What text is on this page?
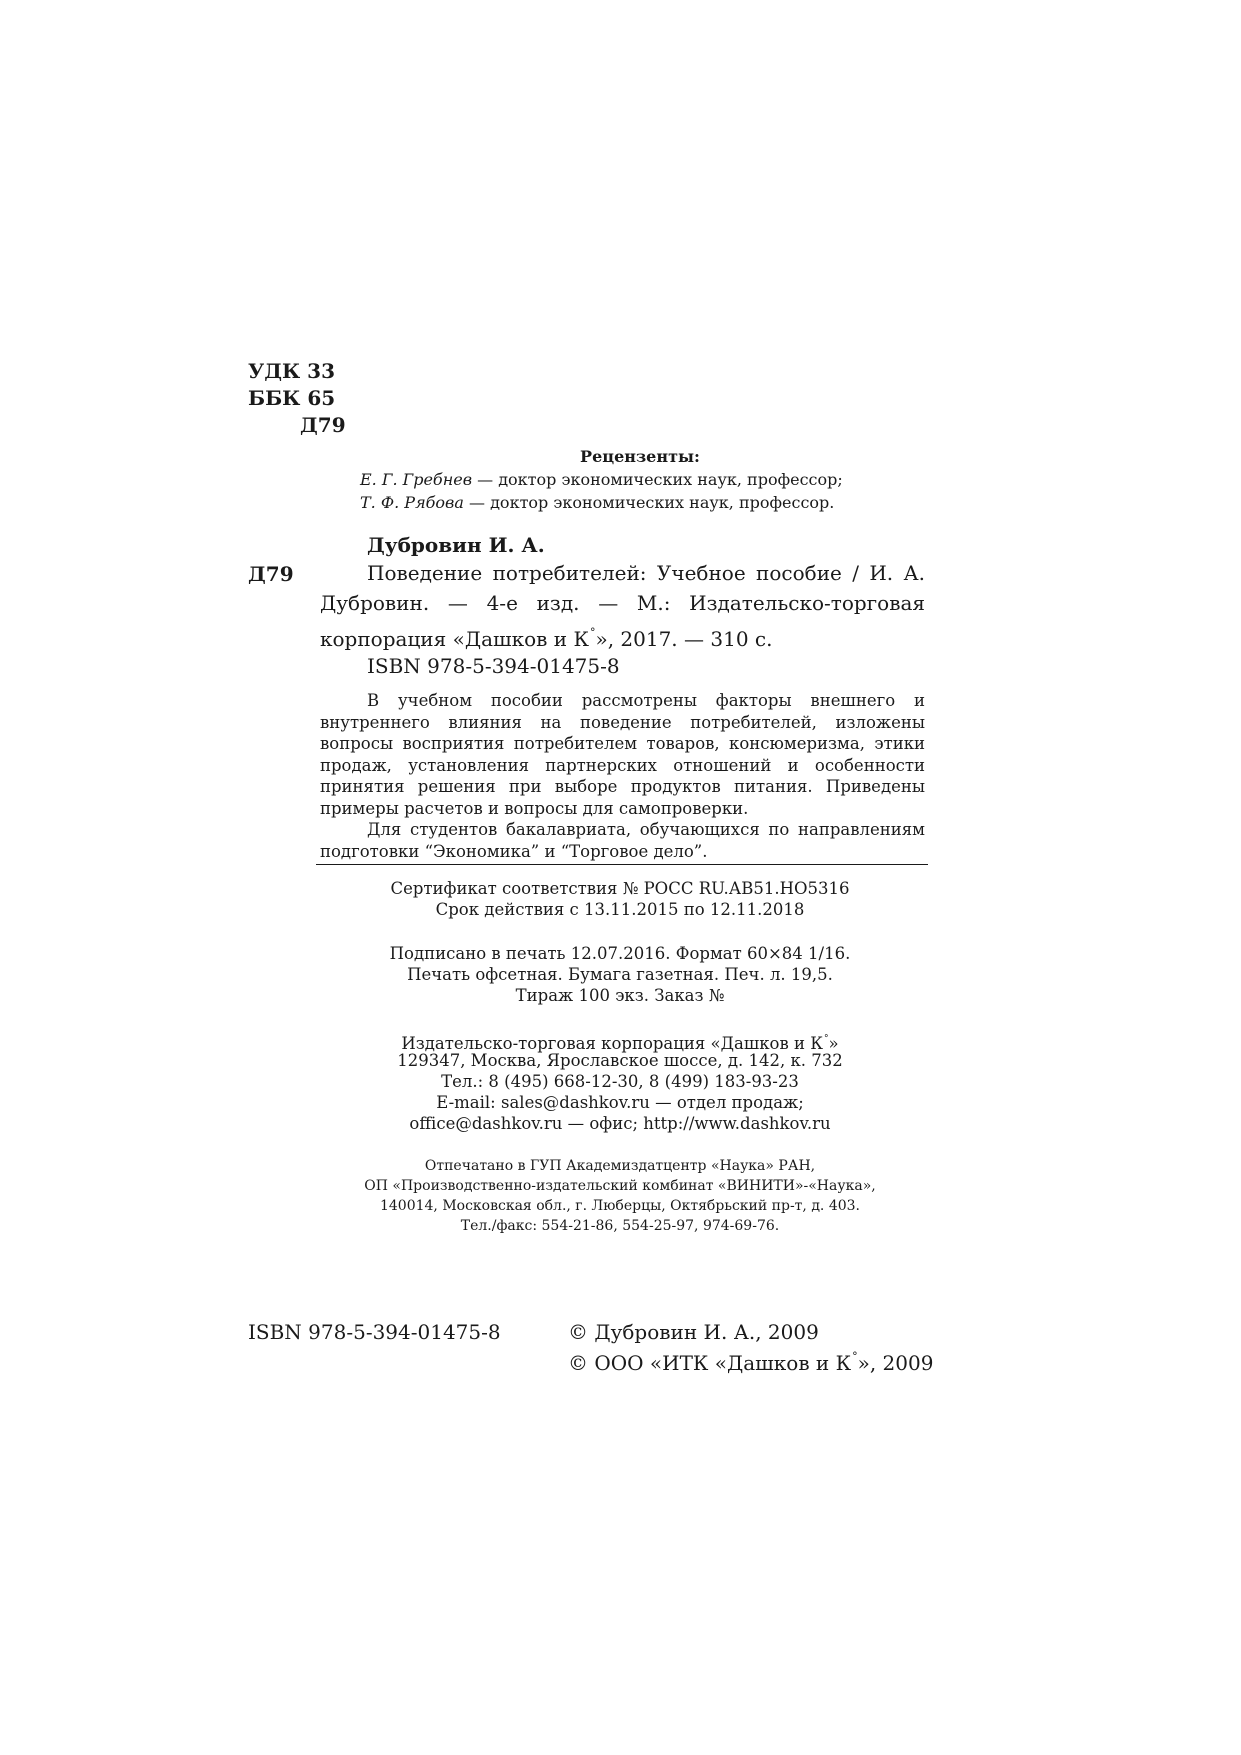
УДК 33
ББК 65
Д79
Рецензенты:
Е. Г. Гребнев — доктор экономических наук, профессор;
Т. Ф. Рябова — доктор экономических наук, профессор.
Дубровин И. А.
Д79	Поведение потребителей: Учебное пособие / И. А. Дубровин. — 4-е изд. — М.: Издательско-торговая корпорация «Дашков и К°», 2017. — 310 с.
ISBN 978-5-394-01475-8

В учебном пособии рассмотрены факторы внешнего и внутреннего влияния на поведение потребителей, изложены вопросы восприятия потребителем товаров, консюмеризма, этики продаж, установления партнерских отношений и особенности принятия решения при выборе продуктов питания. Приведены примеры расчетов и вопросы для самопроверки.

Для студентов бакалавриата, обучающихся по направлениям подготовки “Экономика” и “Торговое дело”.

Сертификат соответствия № РОСС RU.АВ51.НО5316
Срок действия с 13.11.2015 по 12.11.2018
Подписано в печать 12.07.2016. Формат 60×84 1/16.
Печать офсетная. Бумага газетная. Печ. л. 19,5.
Тираж 100 экз. Заказ №
Издательско-торговая корпорация «Дашков и К°»
129347, Москва, Ярославское шоссе, д. 142, к. 732
Тел.: 8 (495) 668-12-30, 8 (499) 183-93-23
E-mail: sales@dashkov.ru — отдел продаж;
office@dashkov.ru — офис; http://www.dashkov.ru
Отпечатано в ГУП Академиздатцентр «Наука» РАН,
ОП «Производственно-издательский комбинат «ВИНИТИ»-«Наука»,
140014, Московская обл., г. Люберцы, Октябрьский пр-т, д. 403.
Тел./факс: 554-21-86, 554-25-97, 974-69-76.
ISBN 978-5-394-01475-8	© Дубровин И. А., 2009
© ООО «ИТК «Дашков и К°», 2009
